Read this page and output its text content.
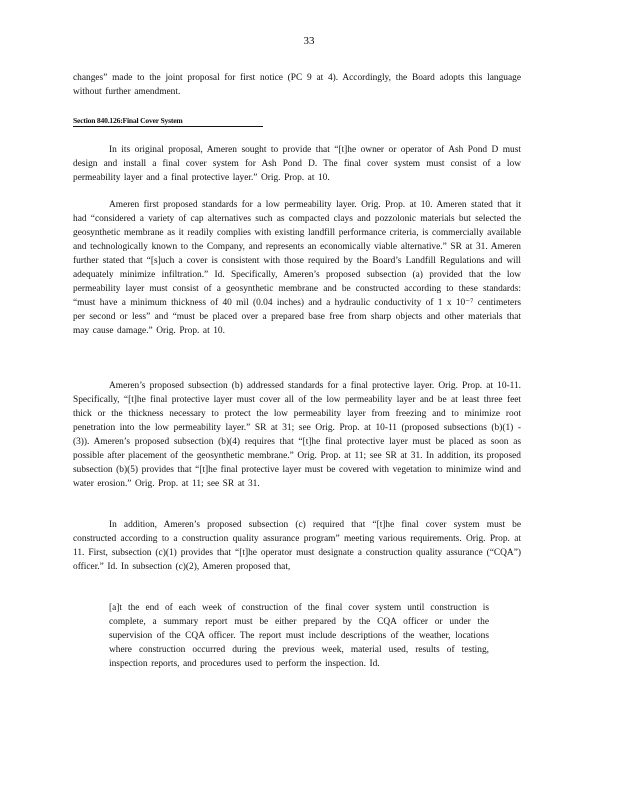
33
changes” made to the joint proposal for first notice (PC 9 at 4). Accordingly, the Board adopts this language without further amendment.
Section 840.126:Final Cover System
In its original proposal, Ameren sought to provide that “[t]he owner or operator of Ash Pond D must design and install a final cover system for Ash Pond D. The final cover system must consist of a low permeability layer and a final protective layer.” Orig. Prop. at 10.
Ameren first proposed standards for a low permeability layer. Orig. Prop. at 10. Ameren stated that it had “considered a variety of cap alternatives such as compacted clays and pozzolonic materials but selected the geosynthetic membrane as it readily complies with existing landfill performance criteria, is commercially available and technologically known to the Company, and represents an economically viable alternative.” SR at 31. Ameren further stated that “[s]uch a cover is consistent with those required by the Board’s Landfill Regulations and will adequately minimize infiltration.” Id. Specifically, Ameren’s proposed subsection (a) provided that the low permeability layer must consist of a geosynthetic membrane and be constructed according to these standards: “must have a minimum thickness of 40 mil (0.04 inches) and a hydraulic conductivity of 1 x 10⁻⁷ centimeters per second or less” and “must be placed over a prepared base free from sharp objects and other materials that may cause damage.” Orig. Prop. at 10.
Ameren’s proposed subsection (b) addressed standards for a final protective layer. Orig. Prop. at 10-11. Specifically, “[t]he final protective layer must cover all of the low permeability layer and be at least three feet thick or the thickness necessary to protect the low permeability layer from freezing and to minimize root penetration into the low permeability layer.” SR at 31; see Orig. Prop. at 10-11 (proposed subsections (b)(1) - (3)). Ameren’s proposed subsection (b)(4) requires that “[t]he final protective layer must be placed as soon as possible after placement of the geosynthetic membrane.” Orig. Prop. at 11; see SR at 31. In addition, its proposed subsection (b)(5) provides that “[t]he final protective layer must be covered with vegetation to minimize wind and water erosion.” Orig. Prop. at 11; see SR at 31.
In addition, Ameren’s proposed subsection (c) required that “[t]he final cover system must be constructed according to a construction quality assurance program” meeting various requirements. Orig. Prop. at 11. First, subsection (c)(1) provides that “[t]he operator must designate a construction quality assurance (“CQA”) officer.” Id. In subsection (c)(2), Ameren proposed that,
[a]t the end of each week of construction of the final cover system until construction is complete, a summary report must be either prepared by the CQA officer or under the supervision of the CQA officer. The report must include descriptions of the weather, locations where construction occurred during the previous week, material used, results of testing, inspection reports, and procedures used to perform the inspection. Id.
